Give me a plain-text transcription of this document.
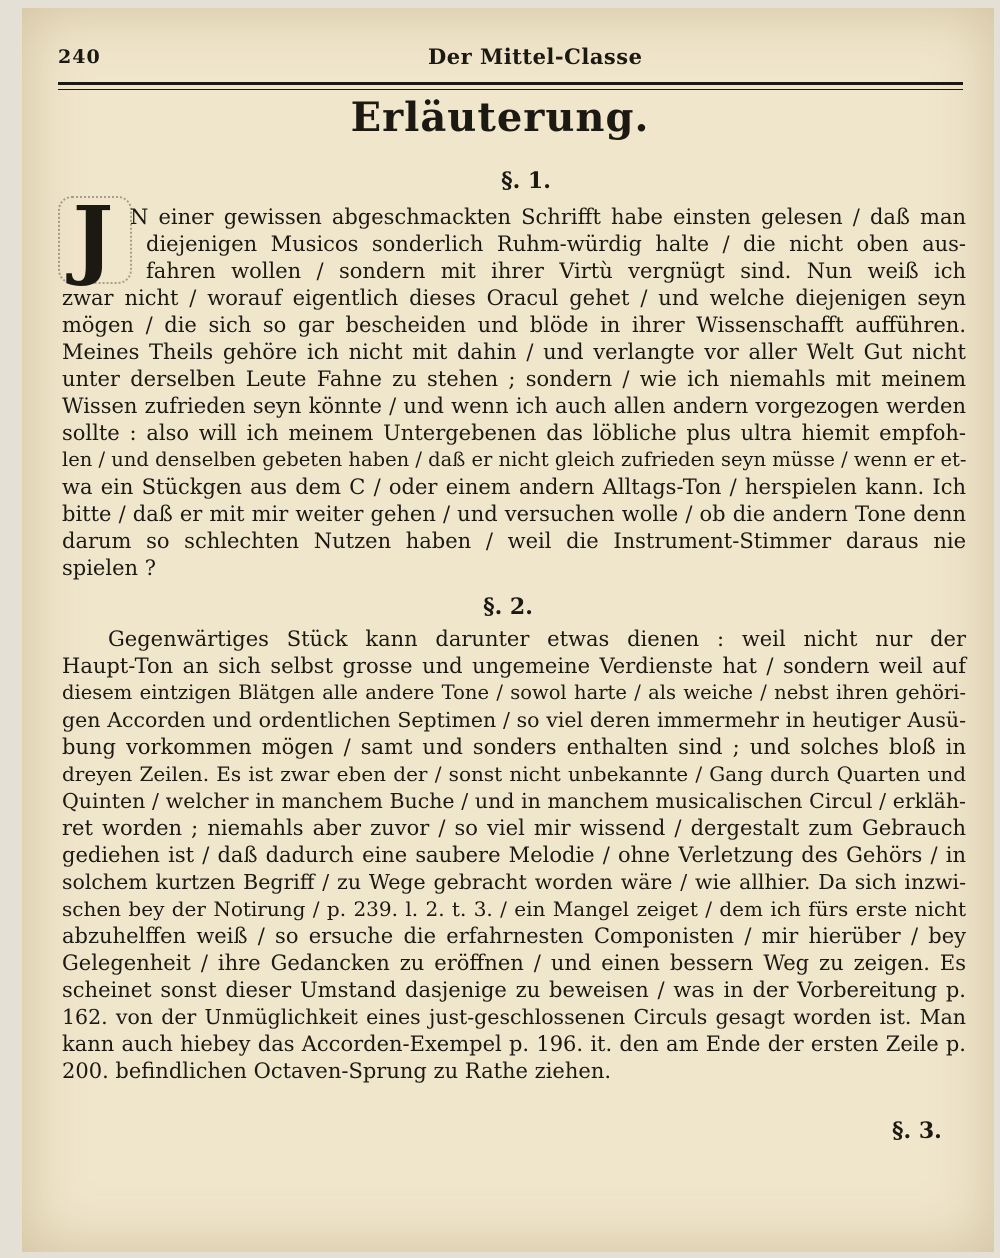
240	Der Mittel-Classe
Erläuterung.
§. 1.
J N einer gewissen abgeschmackten Schrifft habe einsten gelesen / daß man
diejenigen Musicos sonderlich Ruhm-würdig halte / die nicht oben aus-
fahren wollen / sondern mit ihrer Virtù vergnügt sind. Nun weiß ich
zwar nicht / worauf eigentlich dieses Oracul gehet / und welche diejenigen seyn
mögen / die sich so gar bescheiden und blöde in ihrer Wissenschafft aufführen.
Meines Theils gehöre ich nicht mit dahin / und verlangte vor aller Welt Gut nicht
unter derselben Leute Fahne zu stehen ; sondern / wie ich niemahls mit meinem
Wissen zufrieden seyn könnte / und wenn ich auch allen andern vorgezogen werden
sollte : also will ich meinem Untergebenen das löbliche plus ultra hiemit empfoh-
len / und denselben gebeten haben / daß er nicht gleich zufrieden seyn müsse / wenn er et-
wa ein Stückgen aus dem C / oder einem andern Alltags-Ton / herspielen kann. Ich
bitte / daß er mit mir weiter gehen / und versuchen wolle / ob die andern Tone denn
darum so schlechten Nutzen haben / weil die Instrument-Stimmer daraus nie
spielen ?
§. 2.
Gegenwärtiges Stück kann darunter etwas dienen : weil nicht nur der
Haupt-Ton an sich selbst grosse und ungemeine Verdienste hat / sondern weil auf
diesem eintzigen Blätgen alle andere Tone / sowol harte / als weiche / nebst ihren gehöri-
gen Accorden und ordentlichen Septimen / so viel deren immermehr in heutiger Ausü-
bung vorkommen mögen / samt und sonders enthalten sind ; und solches bloß in
dreyen Zeilen. Es ist zwar eben der / sonst nicht unbekannte / Gang durch Quarten und
Quinten / welcher in manchem Buche / und in manchem musicalischen Circul / erkläh-
ret worden ; niemahls aber zuvor / so viel mir wissend / dergestalt zum Gebrauch
gediehen ist / daß dadurch eine saubere Melodie / ohne Verletzung des Gehörs / in
solchem kurtzen Begriff / zu Wege gebracht worden wäre / wie allhier. Da sich inzwi-
schen bey der Notirung / p. 239. l. 2. t. 3. / ein Mangel zeiget / dem ich fürs erste nicht
abzuhelffen weiß / so ersuche die erfahrnesten Componisten / mir hierüber / bey
Gelegenheit / ihre Gedancken zu eröffnen / und einen bessern Weg zu zeigen. Es
scheinet sonst dieser Umstand dasjenige zu beweisen / was in der Vorbereitung p.
162. von der Unmüglichkeit eines just-geschlossenen Circuls gesagt worden ist. Man
kann auch hiebey das Accorden-Exempel p. 196. it. den am Ende der ersten Zeile p.
200. befindlichen Octaven-Sprung zu Rathe ziehen.
§. 3.
